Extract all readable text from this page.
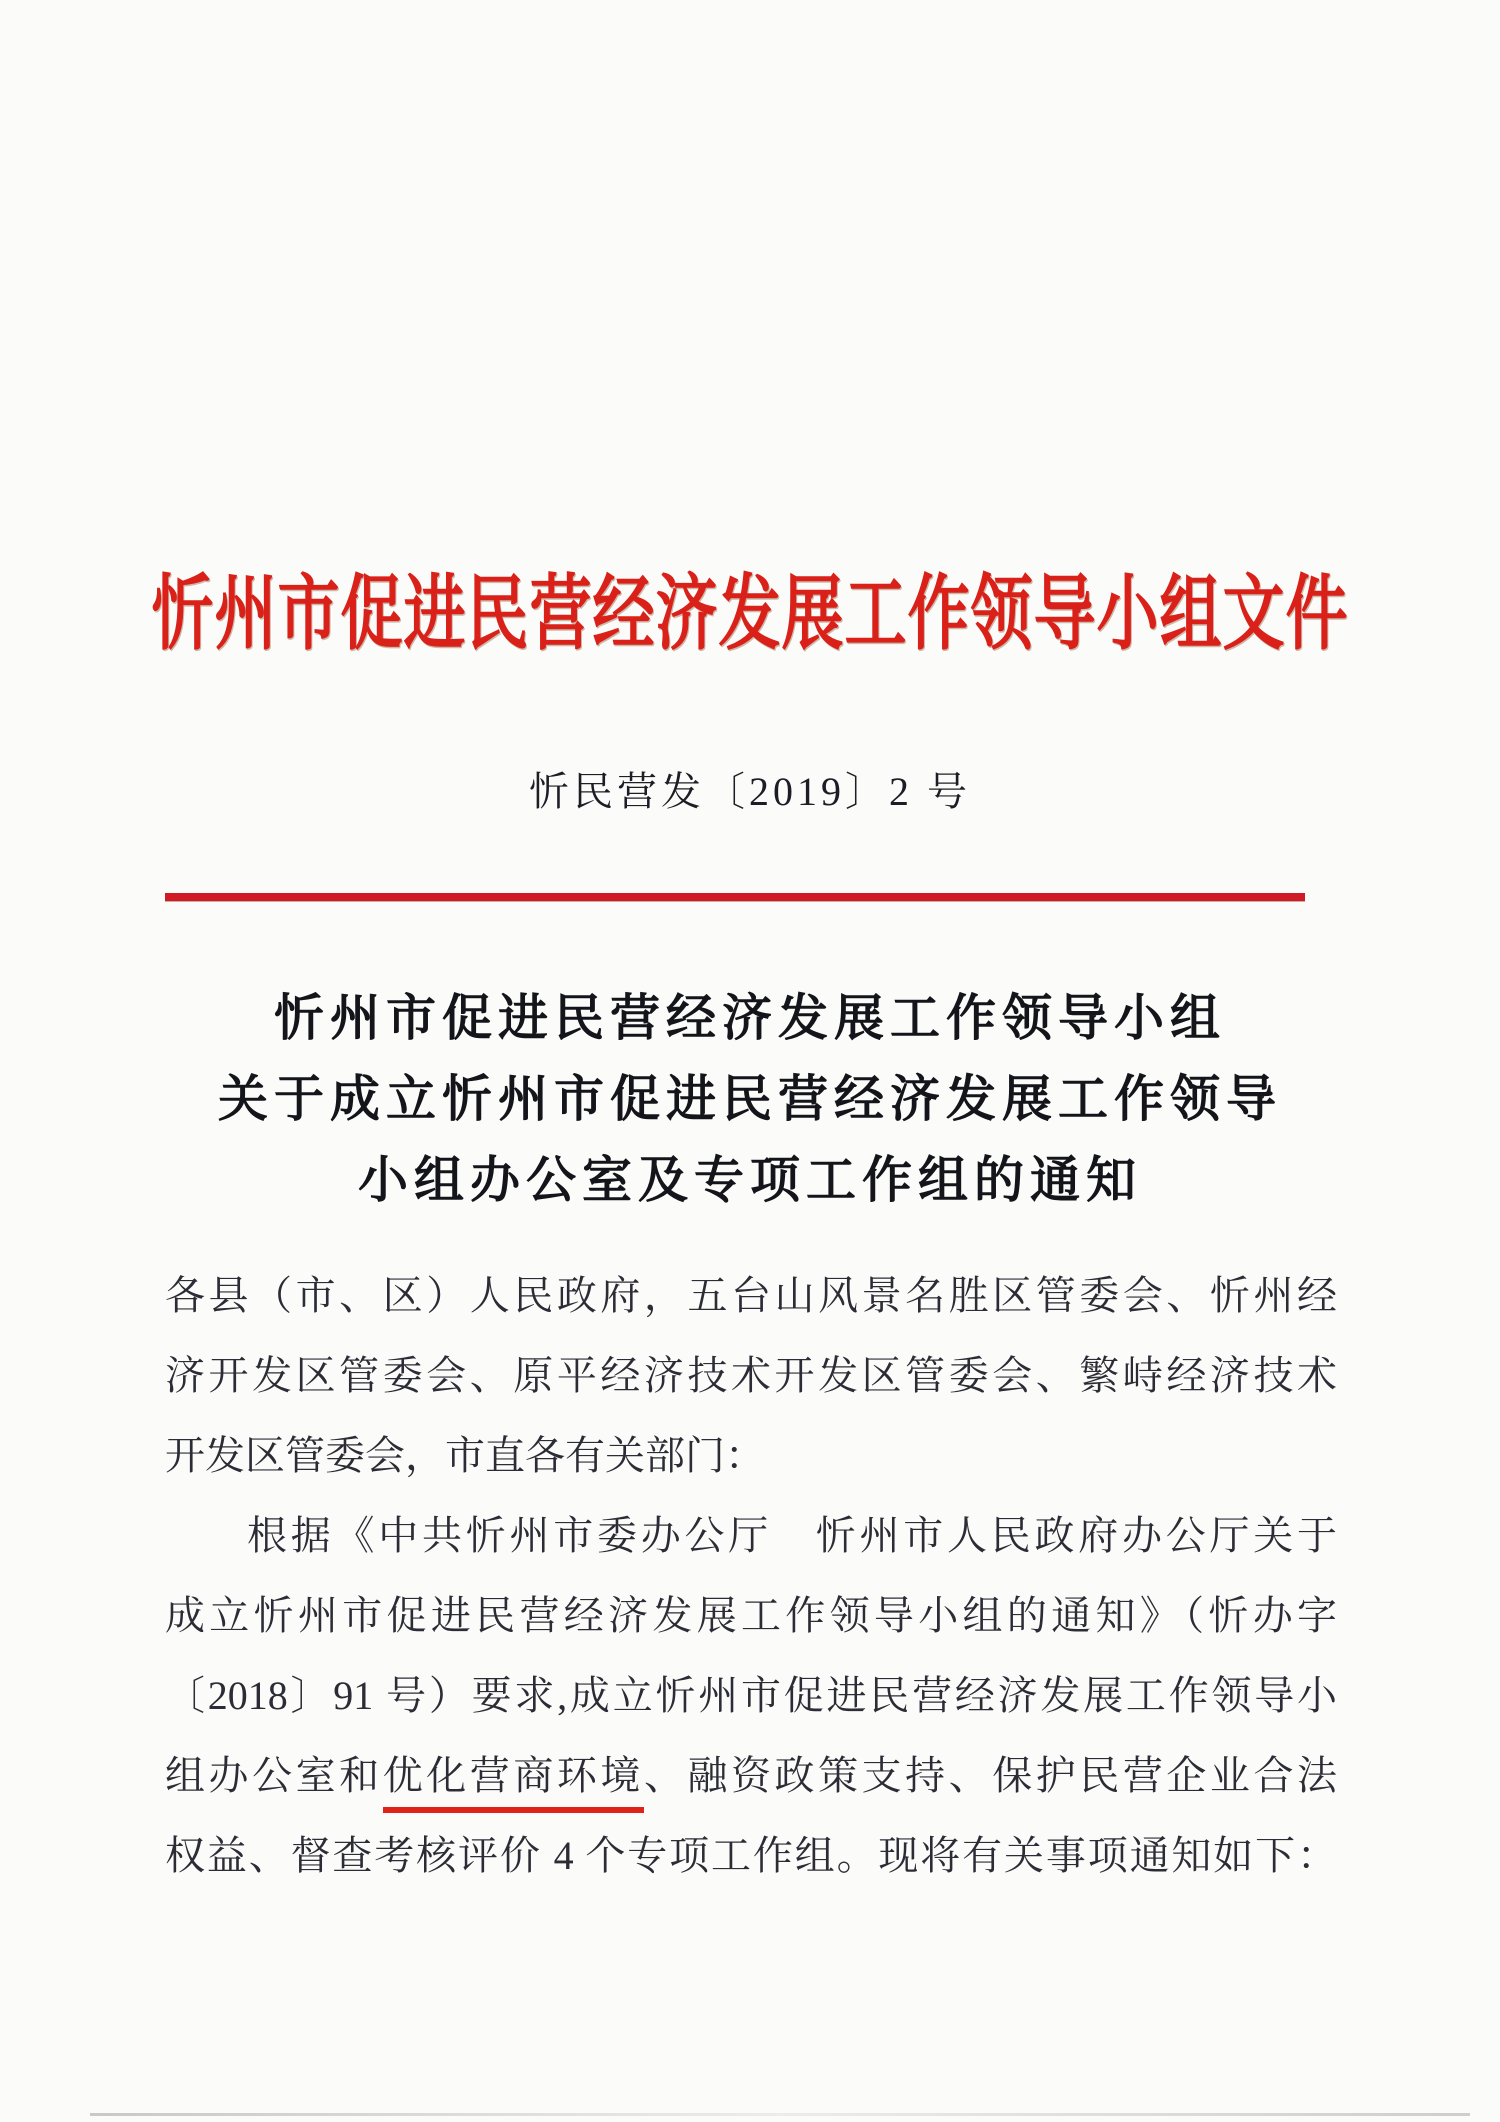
忻州市促进民营经济发展工作领导小组文件
忻民营发〔2019〕2 号
忻州市促进民营经济发展工作领导小组
关于成立忻州市促进民营经济发展工作领导
小组办公室及专项工作组的通知
各县（市、区）人民政府，五台山风景名胜区管委会、忻州经
济开发区管委会、原平经济技术开发区管委会、繁峙经济技术
开发区管委会，市直各有关部门：
根据《中共忻州市委办公厅　忻州市人民政府办公厅关于
成立忻州市促进民营经济发展工作领导小组的通知》（忻办字
〔2018〕91 号）要求,成立忻州市促进民营经济发展工作领导小
组办公室和优化营商环境、融资政策支持、保护民营企业合法
权益、督查考核评价 4 个专项工作组。现将有关事项通知如下：
